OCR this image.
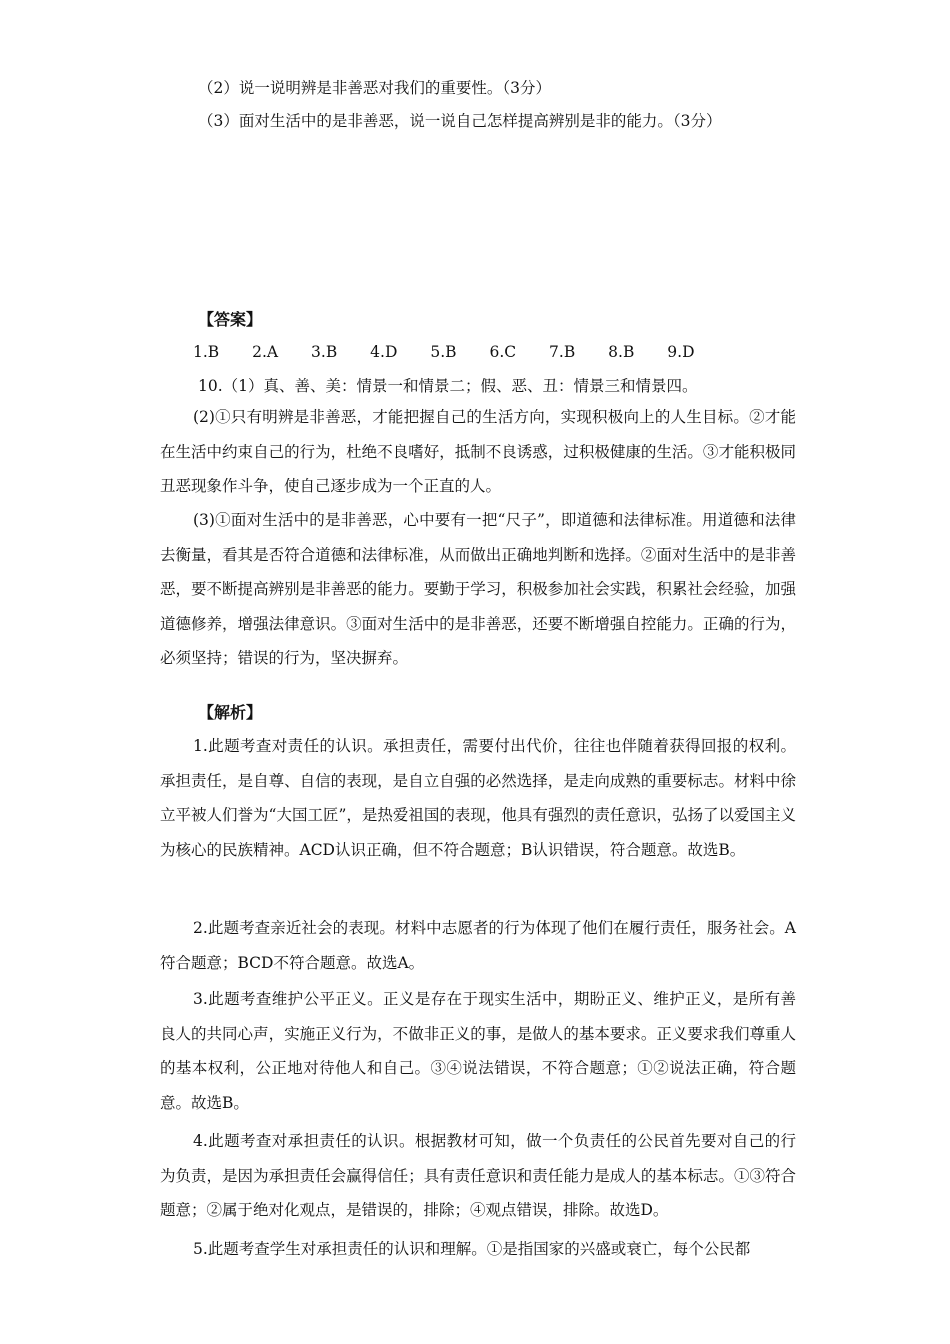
（2）说一说明辨是非善恶对我们的重要性。（3分）
（3）面对生活中的是非善恶，说一说自己怎样提高辨别是非的能力。（3分）
【答案】
1.B 2.A 3.B 4.D 5.B 6.C 7.B 8.B 9.D
10.（1）真、善、美：情景一和情景二；假、恶、丑：情景三和情景四。
(2)①只有明辨是非善恶，才能把握自己的生活方向，实现积极向上的人生目标。②才能在生活中约束自己的行为，杜绝不良嗜好，抵制不良诱惑，过积极健康的生活。③才能积极同丑恶现象作斗争，使自己逐步成为一个正直的人。
(3)①面对生活中的是非善恶，心中要有一把“尺子”，即道德和法律标准。用道德和法律去衡量，看其是否符合道德和法律标准，从而做出正确地判断和选择。②面对生活中的是非善恶，要不断提高辨别是非善恶的能力。要勤于学习，积极参加社会实践，积累社会经验，加强道德修养，增强法律意识。③面对生活中的是非善恶，还要不断增强自控能力。正确的行为，必须坚持；错误的行为，坚决摒弃。
【解析】
1.此题考查对责任的认识。承担责任，需要付出代价，往往也伴随着获得回报的权利。承担责任，是自尊、自信的表现，是自立自强的必然选择，是走向成熟的重要标志。材料中徐立平被人们誉为“大国工匠”，是热爱祖国的表现，他具有强烈的责任意识，弘扬了以爱国主义为核心的民族精神。ACD认识正确，但不符合题意；B认识错误，符合题意。故选B。
2.此题考查亲近社会的表现。材料中志愿者的行为体现了他们在履行责任，服务社会。A符合题意；BCD不符合题意。故选A。
3.此题考查维护公平正义。正义是存在于现实生活中，期盼正义、维护正义，是所有善良人的共同心声，实施正义行为，不做非正义的事，是做人的基本要求。正义要求我们尊重人的基本权利，公正地对待他人和自己。③④说法错误，不符合题意；①②说法正确，符合题意。故选B。
4.此题考查对承担责任的认识。根据教材可知，做一个负责任的公民首先要对自己的行为负责，是因为承担责任会赢得信任；具有责任意识和责任能力是成人的基本标志。①③符合题意；②属于绝对化观点，是错误的，排除；④观点错误，排除。故选D。
5.此题考查学生对承担责任的认识和理解。①是指国家的兴盛或衰亡，每个公民都
